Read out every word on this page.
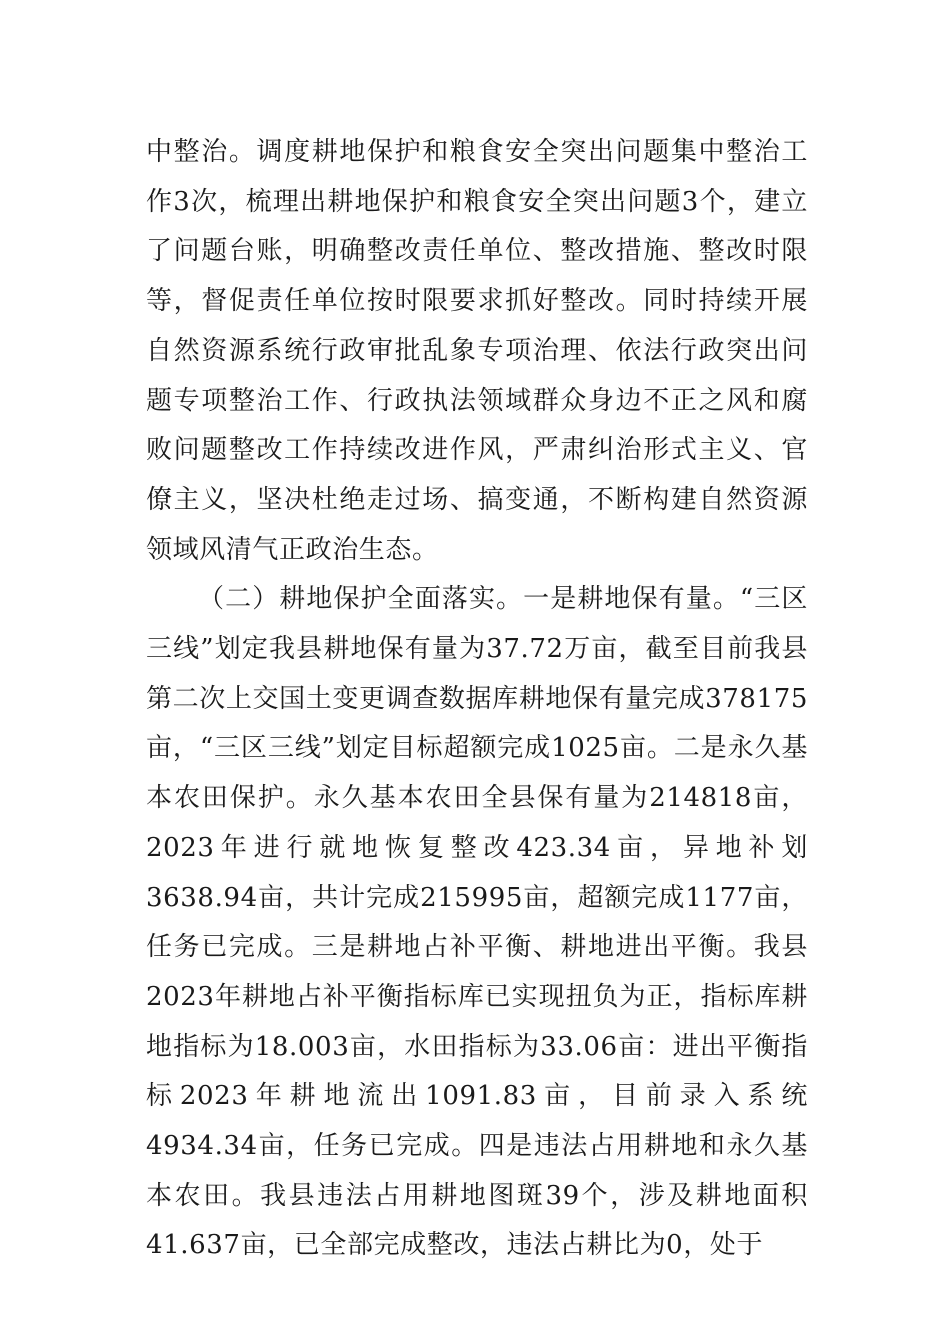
中整治。调度耕地保护和粮食安全突出问题集中整治工作3次，梳理出耕地保护和粮食安全突出问题3个，建立了问题台账，明确整改责任单位、整改措施、整改时限等，督促责任单位按时限要求抓好整改。同时持续开展自然资源系统行政审批乱象专项治理、依法行政突出问题专项整治工作、行政执法领域群众身边不正之风和腐败问题整改工作持续改进作风，严肃纠治形式主义、官僚主义，坚决杜绝走过场、搞变通，不断构建自然资源领域风清气正政治生态。

（二）耕地保护全面落实。一是耕地保有量。“三区三线”划定我县耕地保有量为37.72万亩，截至目前我县第二次上交国土变更调查数据库耕地保有量完成378175亩，“三区三线”划定目标超额完成1025亩。二是永久基本农田保护。永久基本农田全县保有量为214818亩，2023年进行就地恢复整改423.34亩，异地补划3638.94亩，共计完成215995亩，超额完成1177亩，任务已完成。三是耕地占补平衡、耕地进出平衡。我县2023年耕地占补平衡指标库已实现扭负为正，指标库耕地指标为18.003亩，水田指标为33.06亩：进出平衡指标2023年耕地流出1091.83亩，目前录入系统4934.34亩，任务已完成。四是违法占用耕地和永久基本农田。我县违法占用耕地图斑39个，涉及耕地面积41.637亩，已全部完成整改，违法占耕比为0，处于
